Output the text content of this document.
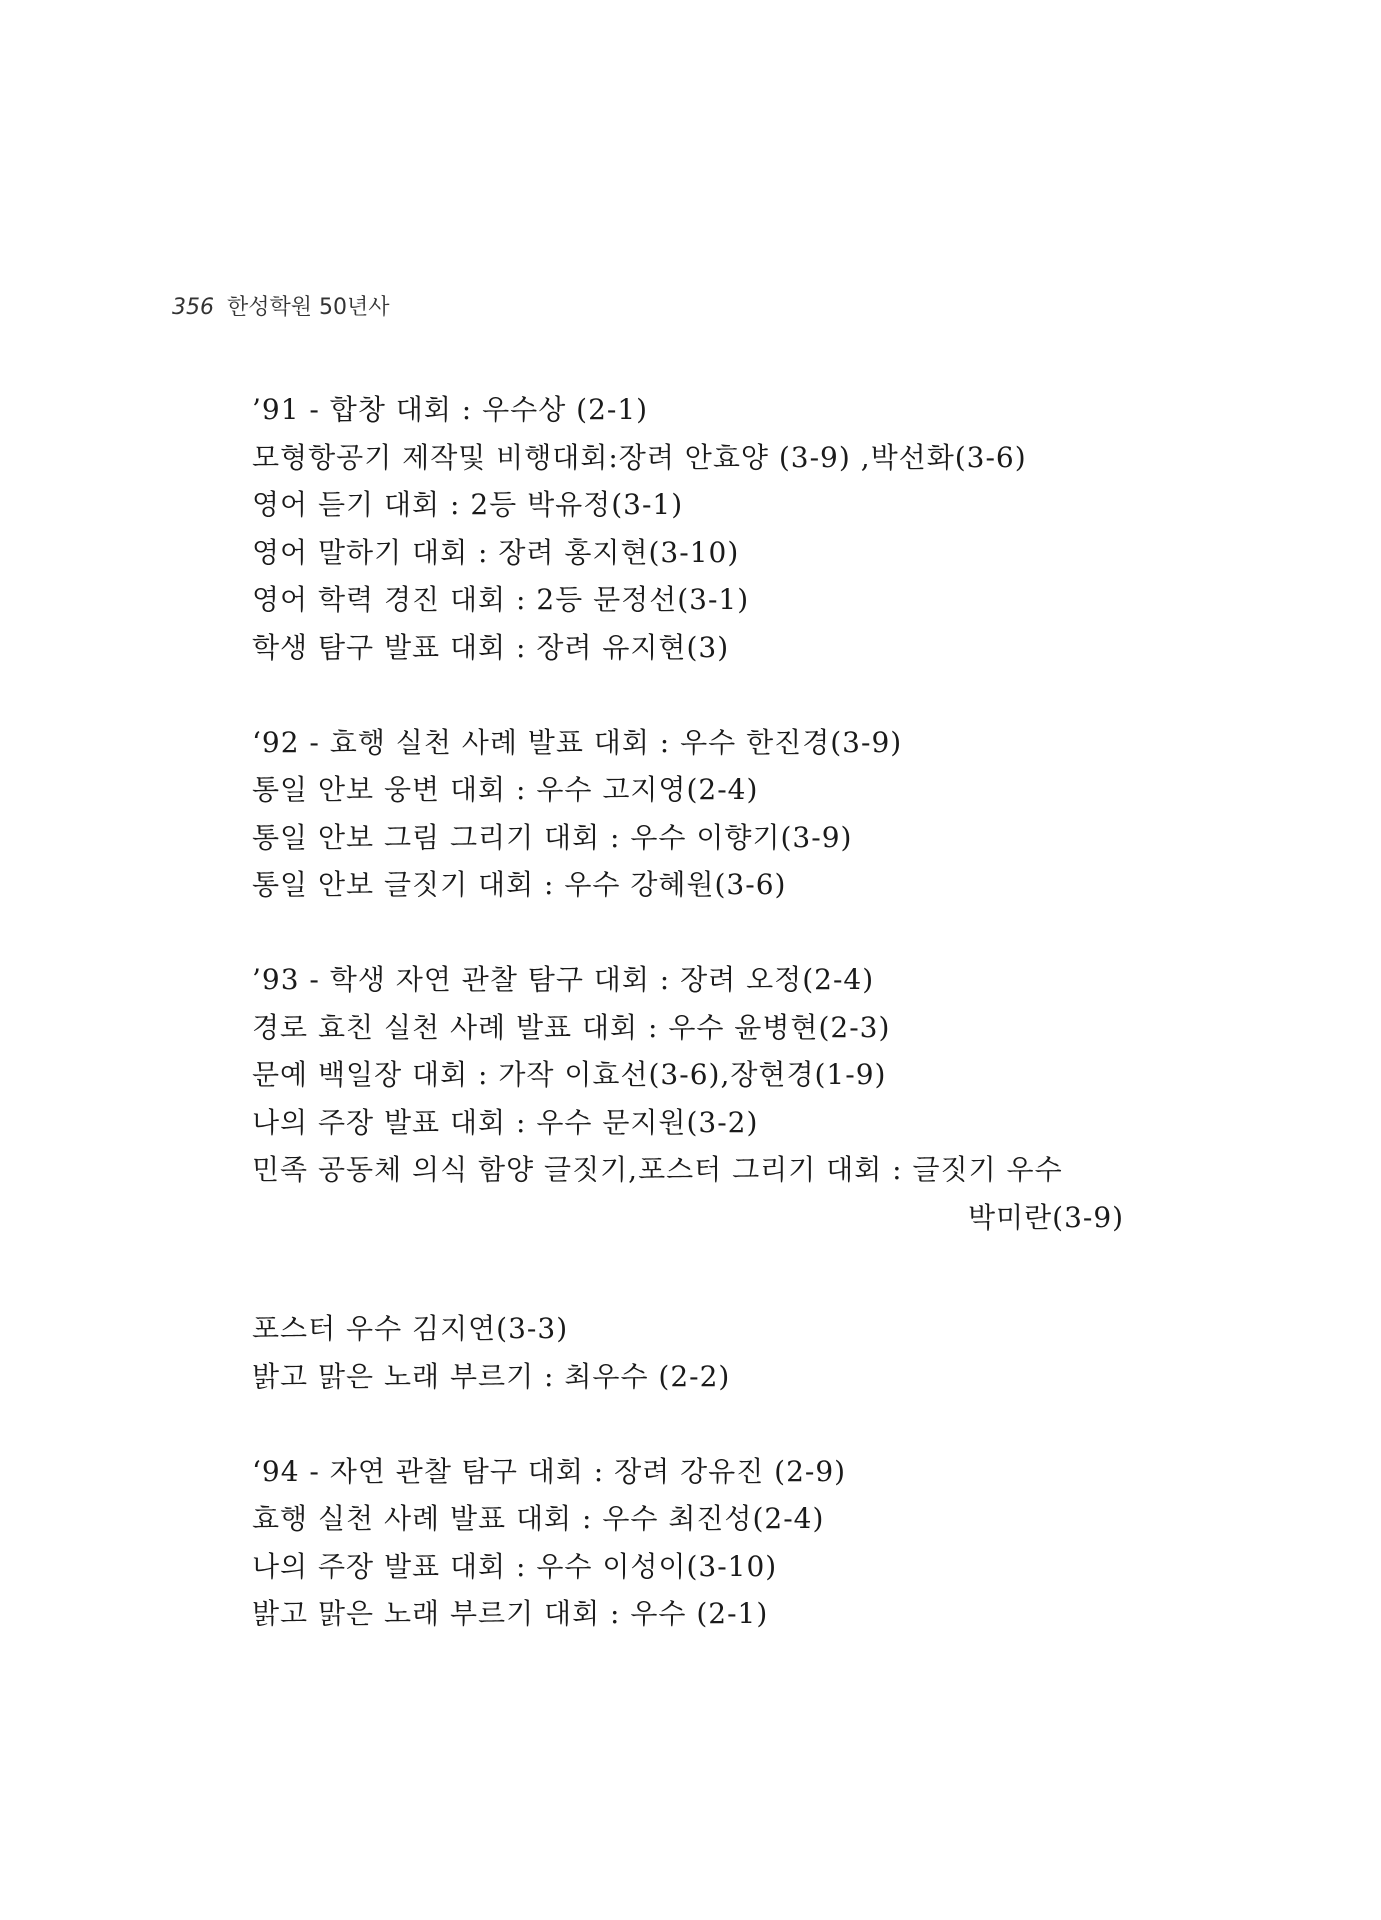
356 한성학원 50년사
’91 - 합창 대회 : 우수상 (2-1)
모형항공기 제작및 비행대회:장려 안효양 (3-9) ,박선화(3-6)
영어 듣기 대회 : 2등 박유정(3-1)
영어 말하기 대회 : 장려 홍지현(3-10)
영어 학력 경진 대회 : 2등 문정선(3-1)
학생 탐구 발표 대회 : 장려 유지현(3)
‘92 - 효행 실천 사례 발표 대회 : 우수 한진경(3-9)
통일 안보 웅변 대회 : 우수 고지영(2-4)
통일 안보 그림 그리기 대회 : 우수 이향기(3-9)
통일 안보 글짓기 대회 : 우수 강혜원(3-6)
’93 - 학생 자연 관찰 탐구 대회 : 장려 오정(2-4)
경로 효친 실천 사례 발표 대회 : 우수 윤병현(2-3)
문예 백일장 대회 : 가작 이효선(3-6),장현경(1-9)
나의 주장 발표 대회 : 우수 문지원(3-2)
민족 공동체 의식 함양 글짓기,포스터 그리기 대회 : 글짓기 우수
박미란(3-9)
포스터 우수 김지연(3-3)
밝고 맑은 노래 부르기 : 최우수 (2-2)
‘94 - 자연 관찰 탐구 대회 : 장려 강유진 (2-9)
효행 실천 사례 발표 대회 : 우수 최진성(2-4)
나의 주장 발표 대회 : 우수 이성이(3-10)
밝고 맑은 노래 부르기 대회 : 우수 (2-1)
